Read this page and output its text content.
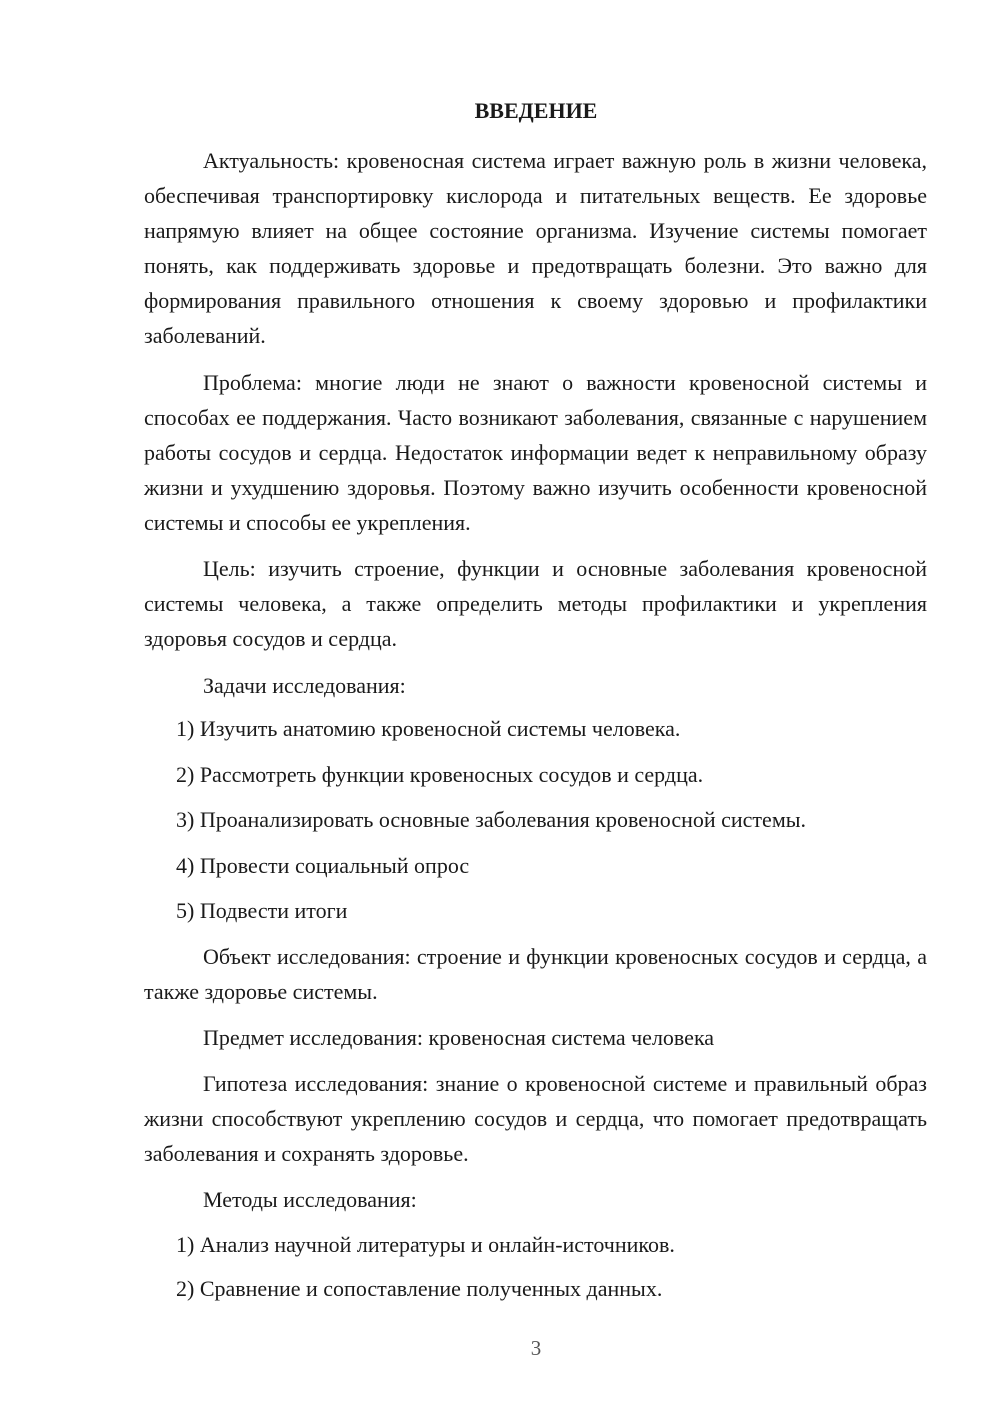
ВВЕДЕНИЕ

Актуальность: кровеносная система играет важную роль в жизни человека, обеспечивая транспортировку кислорода и питательных веществ. Ее здоровье напрямую влияет на общее состояние организма. Изучение системы помогает понять, как поддерживать здоровье и предотвращать болезни. Это важно для формирования правильного отношения к своему здоровью и профилактики заболеваний.

Проблема: многие люди не знают о важности кровеносной системы и способах ее поддержания. Часто возникают заболевания, связанные с нарушением работы сосудов и сердца. Недостаток информации ведет к неправильному образу жизни и ухудшению здоровья. Поэтому важно изучить особенности кровеносной системы и способы ее укрепления.

Цель: изучить строение, функции и основные заболевания кровеносной системы человека, а также определить методы профилактики и укрепления здоровья сосудов и сердца.

Задачи исследования:

1) Изучить анатомию кровеносной системы человека.

2) Рассмотреть функции кровеносных сосудов и сердца.

3) Проанализировать основные заболевания кровеносной системы.

4) Провести социальный опрос

5) Подвести итоги

Объект исследования: строение и функции кровеносных сосудов и сердца, а также здоровье системы.

Предмет исследования: кровеносная система человека

Гипотеза исследования: знание о кровеносной системе и правильный образ жизни способствуют укреплению сосудов и сердца, что помогает предотвращать заболевания и сохранять здоровье.

Методы исследования:

1) Анализ научной литературы и онлайн-источников.

2) Сравнение и сопоставление полученных данных.

3
